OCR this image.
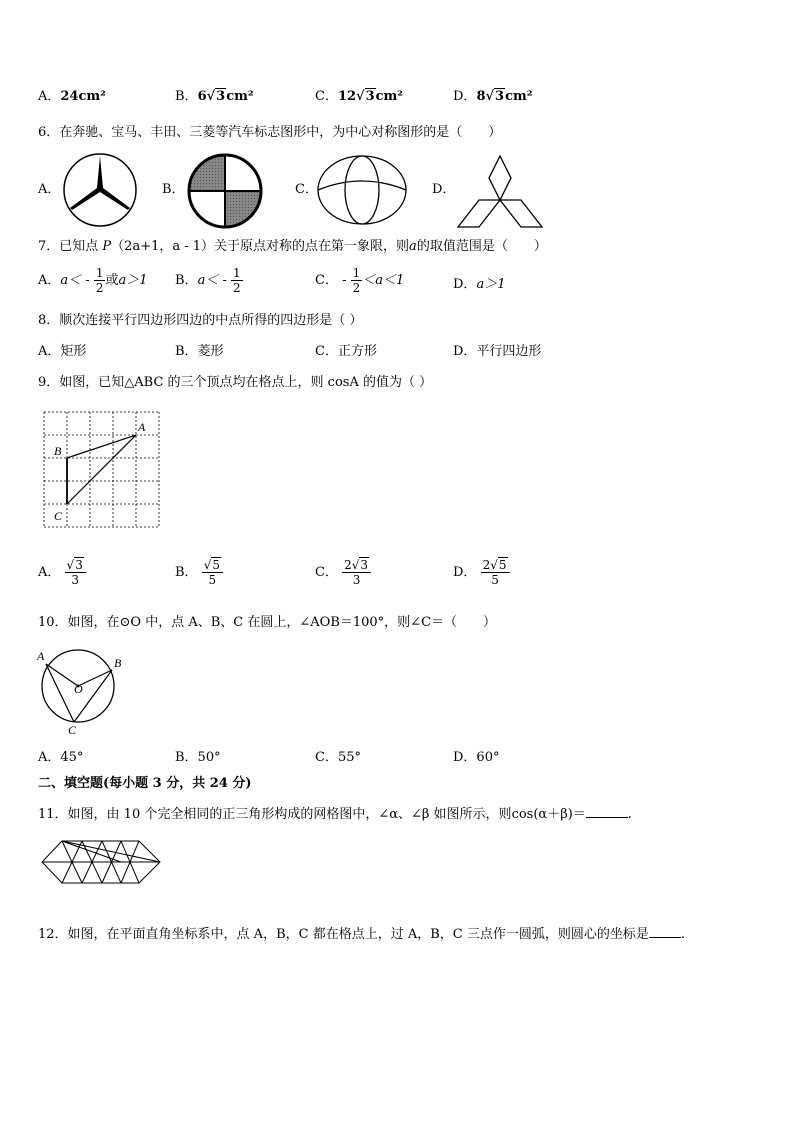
A．24cm²	B．6√3cm²	C．12√3cm²	D．8√3cm²
6．在奔驰、宝马、丰田、三菱等汽车标志图形中，为中心对称图形的是（　　）
A．	B．	C．	D．
7．已知点 P（2a+1，a - 1）关于原点对称的点在第一象限，则a的取值范围是（　　）
A．$a< - \frac{1}{2}$ 或a＞1 B．$a< - \frac{1}{2}$	C． - $\frac{1}{2} <a<1$	D．a＞1
8．顺次连接平行四边形四边的中点所得的四边形是（ ）
A．矩形	B．菱形	C．正方形	D．平行四边形
9．如图，已知△ABC 的三个顶点均在格点上，则 cosA 的值为（ ）
A
B
C
A． $\frac{√3}{3}$	B． $\frac{√5}{5}$	C． $\frac{2√3}{3}$	D． $\frac{2√5}{5}$
10．如图，在⊙O 中，点 A、B、C 在圆上，∠AOB＝100°，则∠C＝（　　）
A	B
O
C
A．45°	B．50°	C．55°	D．60°
二、填空题(每小题 3 分，共 24 分)
11．如图，由 10 个完全相同的正三角形构成的网格图中，∠α、∠β 如图所示，则cos(α＋β)＝	.
12．如图，在平面直角坐标系中，点 A，B，C 都在格点上，过 A，B，C 三点作一圆弧，则圆心的坐标是 .
